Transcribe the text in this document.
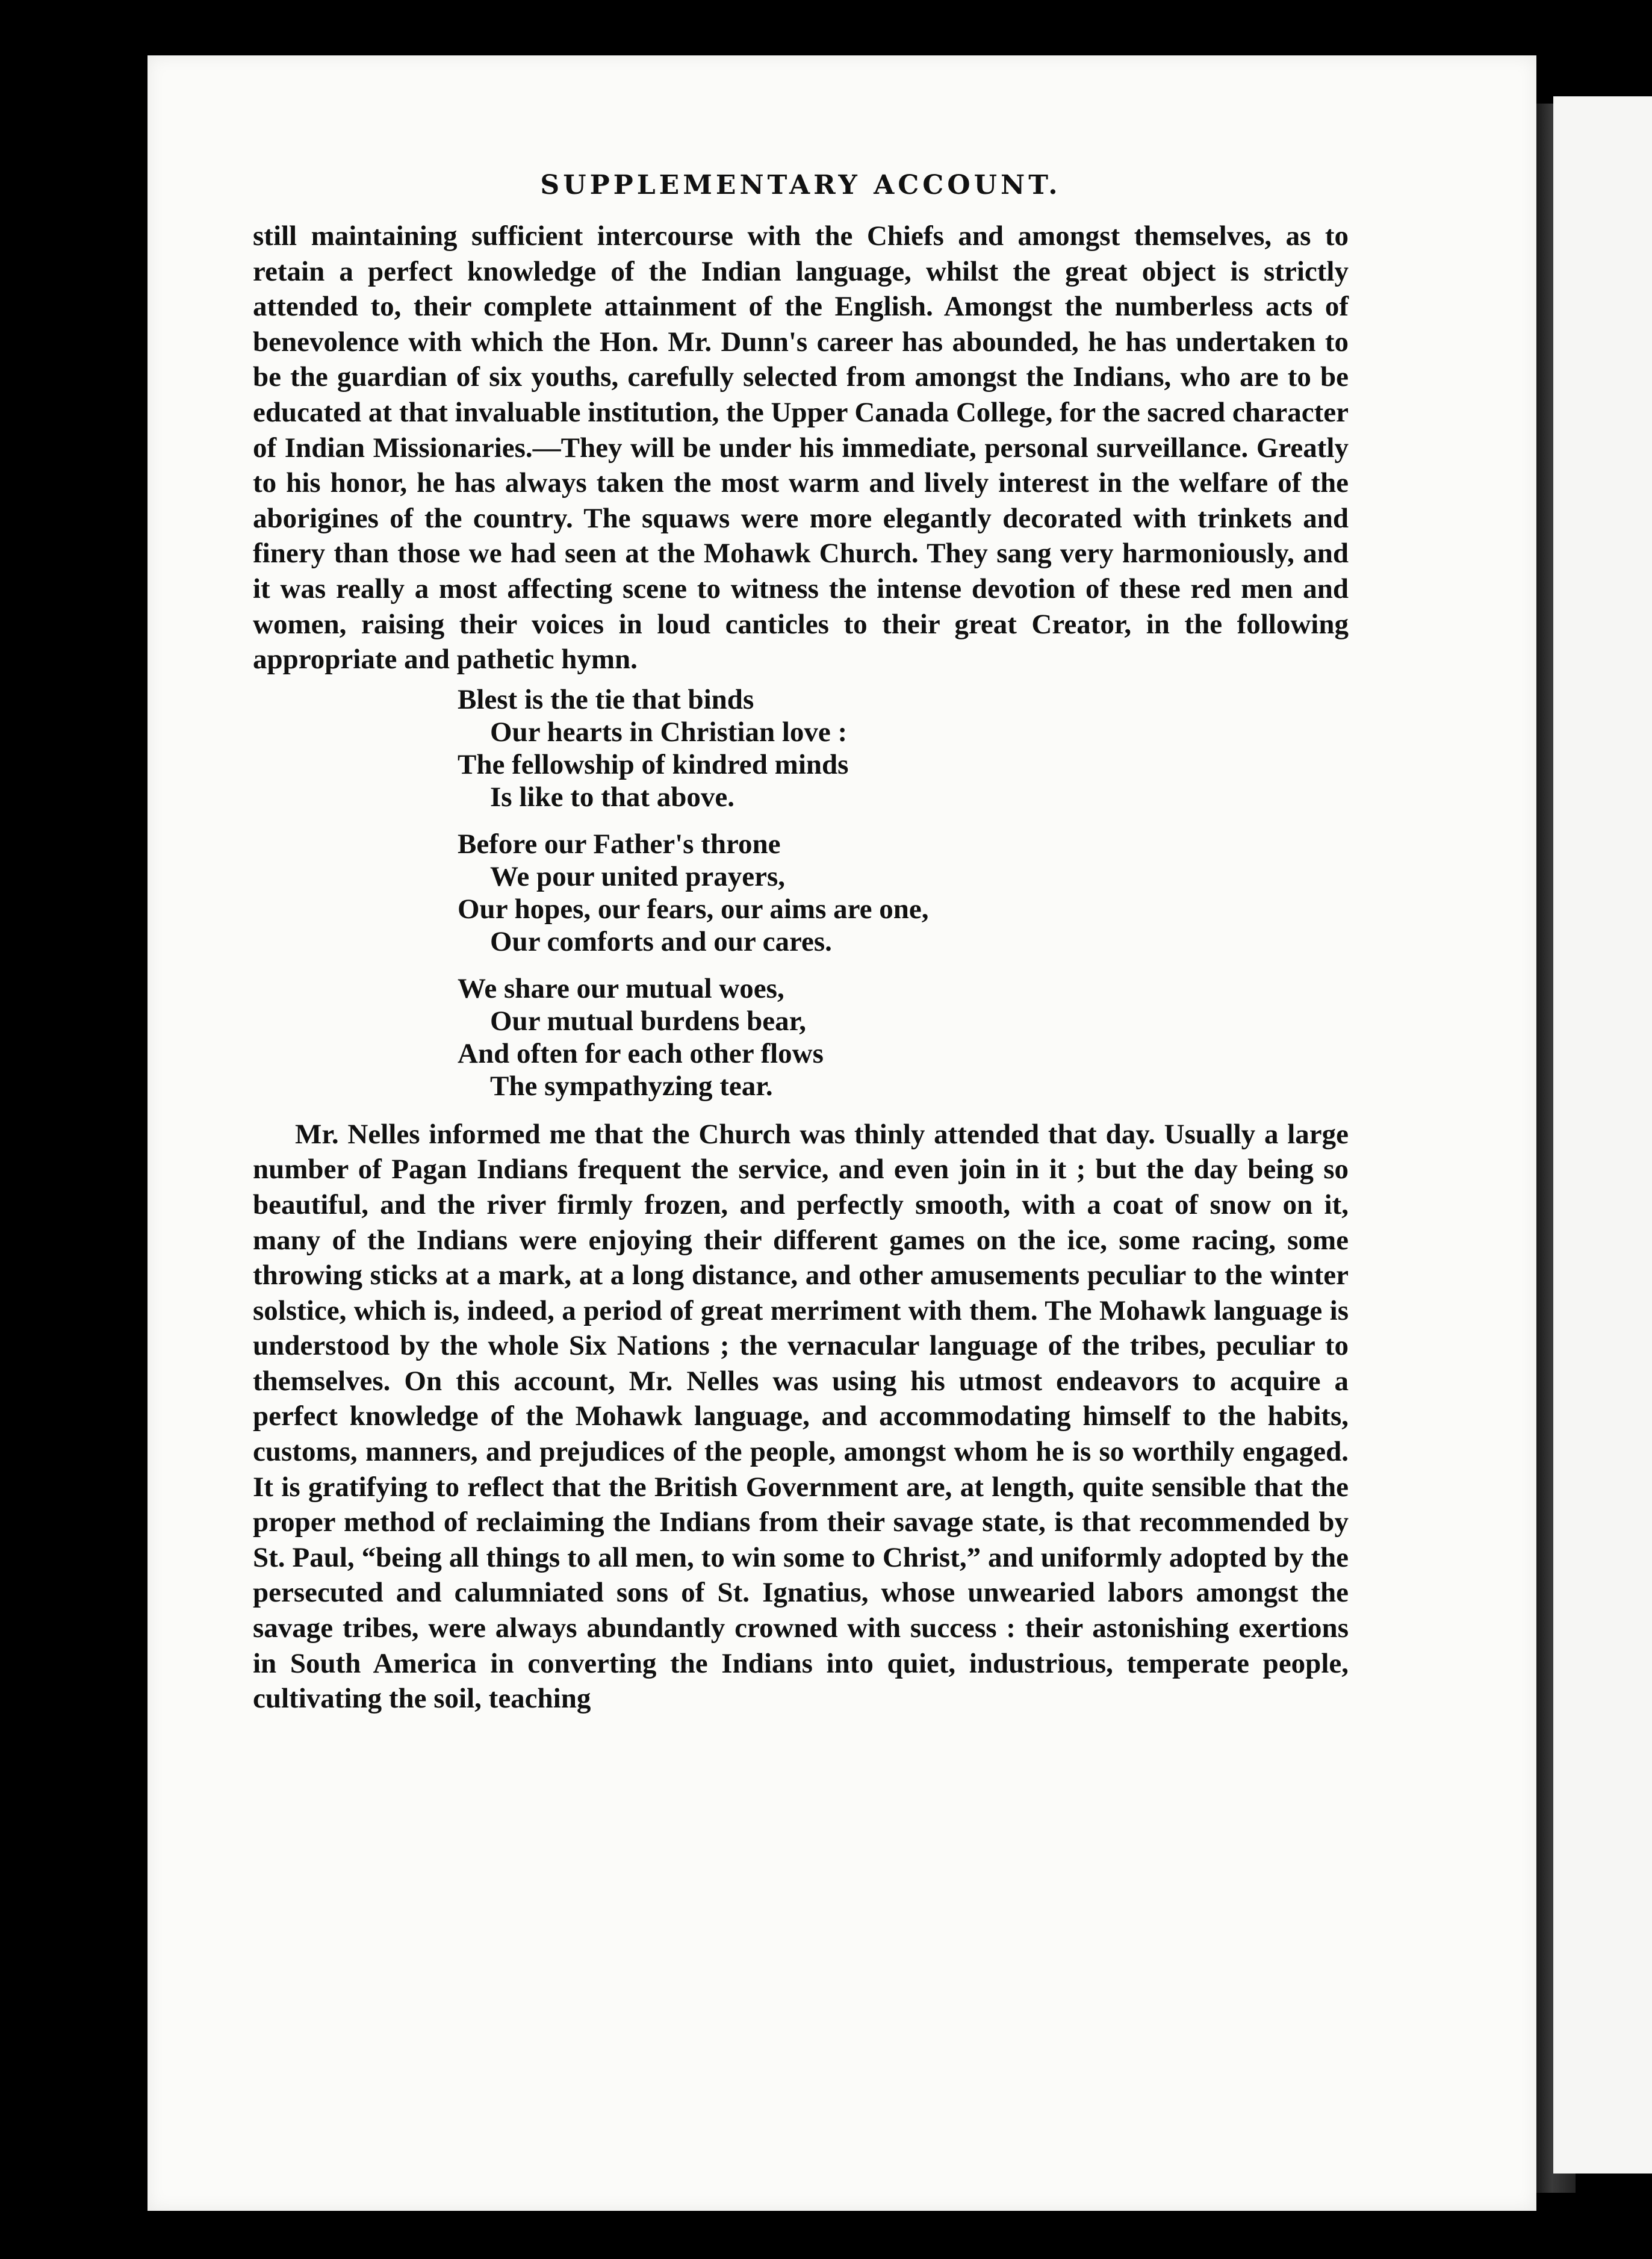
SUPPLEMENTARY ACCOUNT.

still maintaining sufficient intercourse with the Chiefs and amongst themselves, as to retain a perfect knowledge of the Indian language, whilst the great object is strictly attended to, their complete attainment of the English. Amongst the numberless acts of benevolence with which the Hon. Mr. Dunn's career has abounded, he has undertaken to be the guardian of six youths, carefully selected from amongst the Indians, who are to be educated at that invaluable institution, the Upper Canada College, for the sacred character of Indian Missionaries.—They will be under his immediate, personal surveillance. Greatly to his honor, he has always taken the most warm and lively interest in the welfare of the aborigines of the country. The squaws were more elegantly decorated with trinkets and finery than those we had seen at the Mohawk Church. They sang very harmoniously, and it was really a most affecting scene to witness the intense devotion of these red men and women, raising their voices in loud canticles to their great Creator, in the following appropriate and pathetic hymn.

Blest is the tie that binds
Our hearts in Christian love :
The fellowship of kindred minds
Is like to that above.
Before our Father's throne
We pour united prayers,
Our hopes, our fears, our aims are one,
Our comforts and our cares.
We share our mutual woes,
Our mutual burdens bear,
And often for each other flows
The sympathyzing tear.

Mr. Nelles informed me that the Church was thinly attended that day. Usually a large number of Pagan Indians frequent the service, and even join in it ; but the day being so beautiful, and the river firmly frozen, and perfectly smooth, with a coat of snow on it, many of the Indians were enjoying their different games on the ice, some racing, some throwing sticks at a mark, at a long distance, and other amusements peculiar to the winter solstice, which is, indeed, a period of great merriment with them. The Mohawk language is understood by the whole Six Nations ; the vernacular language of the tribes, peculiar to themselves. On this account, Mr. Nelles was using his utmost endeavors to acquire a perfect knowledge of the Mohawk language, and accommodating himself to the habits, customs, manners, and prejudices of the people, amongst whom he is so worthily engaged. It is gratifying to reflect that the British Government are, at length, quite sensible that the proper method of reclaiming the Indians from their savage state, is that recommended by St. Paul, “being all things to all men, to win some to Christ,” and uniformly adopted by the persecuted and calumniated sons of St. Ignatius, whose unwearied labors amongst the savage tribes, were always abundantly crowned with success : their astonishing exertions in South America in converting the Indians into quiet, industrious, temperate people, cultivating the soil, teaching
